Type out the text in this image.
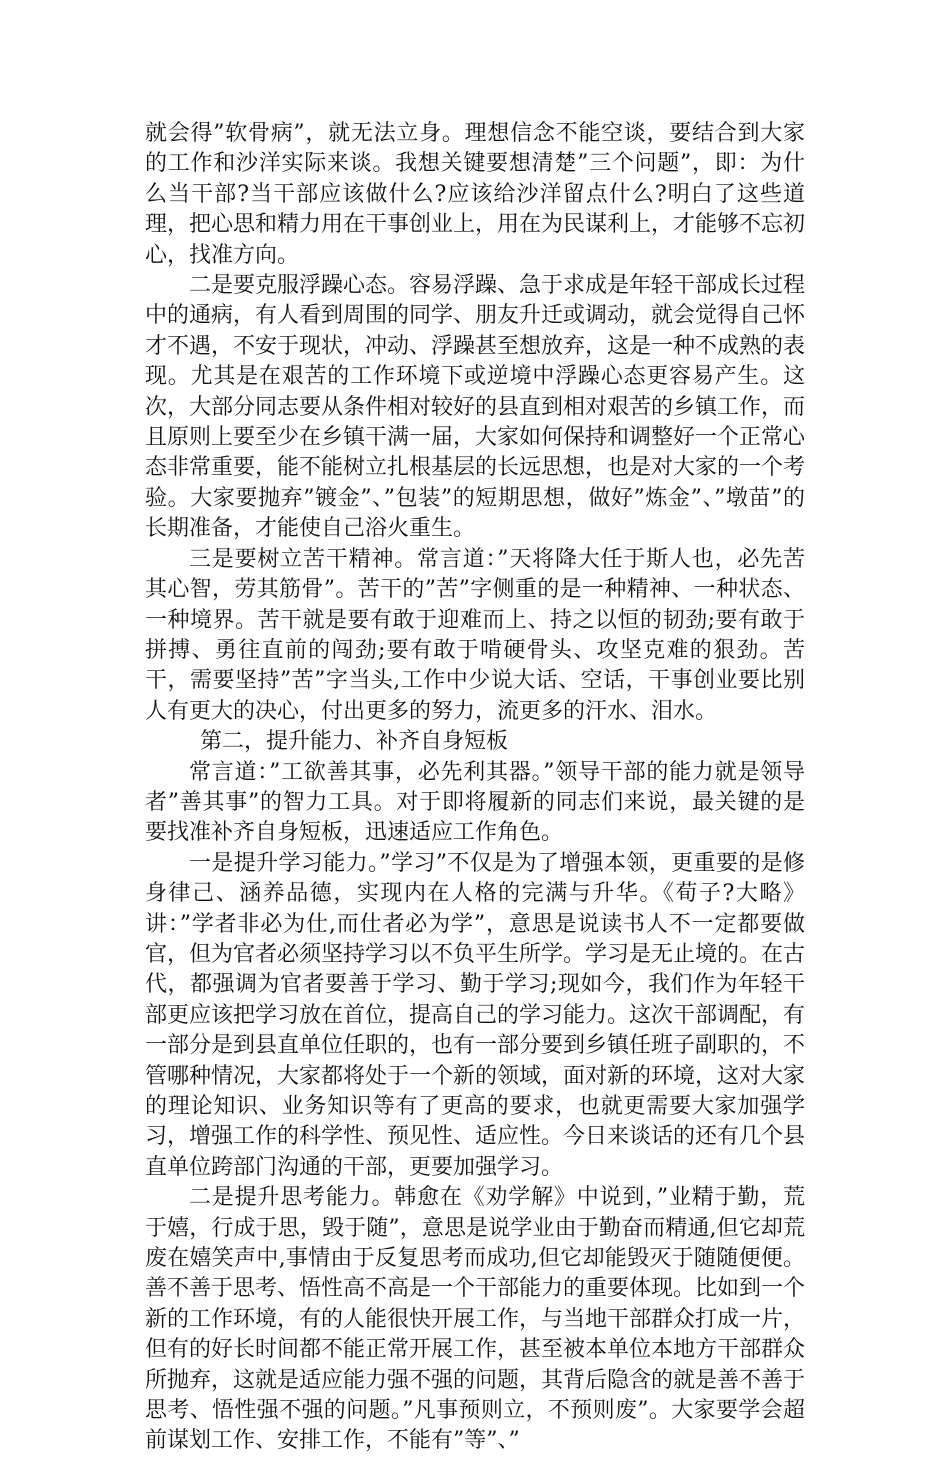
就会得”软骨病”，就无法立身。理想信念不能空谈，要结合到大家的工作和沙洋实际来谈。我想关键要想清楚”三个问题”，即：为什么当干部?当干部应该做什么?应该给沙洋留点什么?明白了这些道理，把心思和精力用在干事创业上，用在为民谋利上，才能够不忘初心，找准方向。

二是要克服浮躁心态。容易浮躁、急于求成是年轻干部成长过程中的通病，有人看到周围的同学、朋友升迁或调动，就会觉得自己怀才不遇，不安于现状，冲动、浮躁甚至想放弃，这是一种不成熟的表现。尤其是在艰苦的工作环境下或逆境中浮躁心态更容易产生。这次，大部分同志要从条件相对较好的县直到相对艰苦的乡镇工作，而且原则上要至少在乡镇干满一届，大家如何保持和调整好一个正常心态非常重要，能不能树立扎根基层的长远思想，也是对大家的一个考验。大家要抛弃”镀金”、”包装”的短期思想，做好”炼金”、”墩苗”的长期准备，才能使自己浴火重生。

三是要树立苦干精神。常言道：”天将降大任于斯人也，必先苦其心智，劳其筋骨”。苦干的”苦”字侧重的是一种精神、一种状态、一种境界。苦干就是要有敢于迎难而上、持之以恒的韧劲;要有敢于拼搏、勇往直前的闯劲;要有敢于啃硬骨头、攻坚克难的狠劲。苦干，需要坚持”苦”字当头,工作中少说大话、空话，干事创业要比别人有更大的决心，付出更多的努力，流更多的汗水、泪水。

第二，提升能力、补齐自身短板

常言道：”工欲善其事，必先利其器。”领导干部的能力就是领导者”善其事”的智力工具。对于即将履新的同志们来说，最关键的是要找准补齐自身短板，迅速适应工作角色。

一是提升学习能力。”学习”不仅是为了增强本领，更重要的是修身律己、涵养品德，实现内在人格的完满与升华。《荀子?大略》讲：”学者非必为仕,而仕者必为学”，意思是说读书人不一定都要做官，但为官者必须坚持学习以不负平生所学。学习是无止境的。在古代，都强调为官者要善于学习、勤于学习;现如今，我们作为年轻干部更应该把学习放在首位，提高自己的学习能力。这次干部调配，有一部分是到县直单位任职的，也有一部分要到乡镇任班子副职的，不管哪种情况，大家都将处于一个新的领域，面对新的环境，这对大家的理论知识、业务知识等有了更高的要求，也就更需要大家加强学习，增强工作的科学性、预见性、适应性。今日来谈话的还有几个县直单位跨部门沟通的干部，更要加强学习。

二是提升思考能力。韩愈在《劝学解》中说到，”业精于勤，荒于嬉，行成于思，毁于随”，意思是说学业由于勤奋而精通,但它却荒废在嬉笑声中,事情由于反复思考而成功,但它却能毁灭于随随便便。善不善于思考、悟性高不高是一个干部能力的重要体现。比如到一个新的工作环境，有的人能很快开展工作，与当地干部群众打成一片，但有的好长时间都不能正常开展工作，甚至被本单位本地方干部群众所抛弃，这就是适应能力强不强的问题，其背后隐含的就是善不善于思考、悟性强不强的问题。”凡事预则立，不预则废”。大家要学会超前谋划工作、安排工作，不能有”等”、”
